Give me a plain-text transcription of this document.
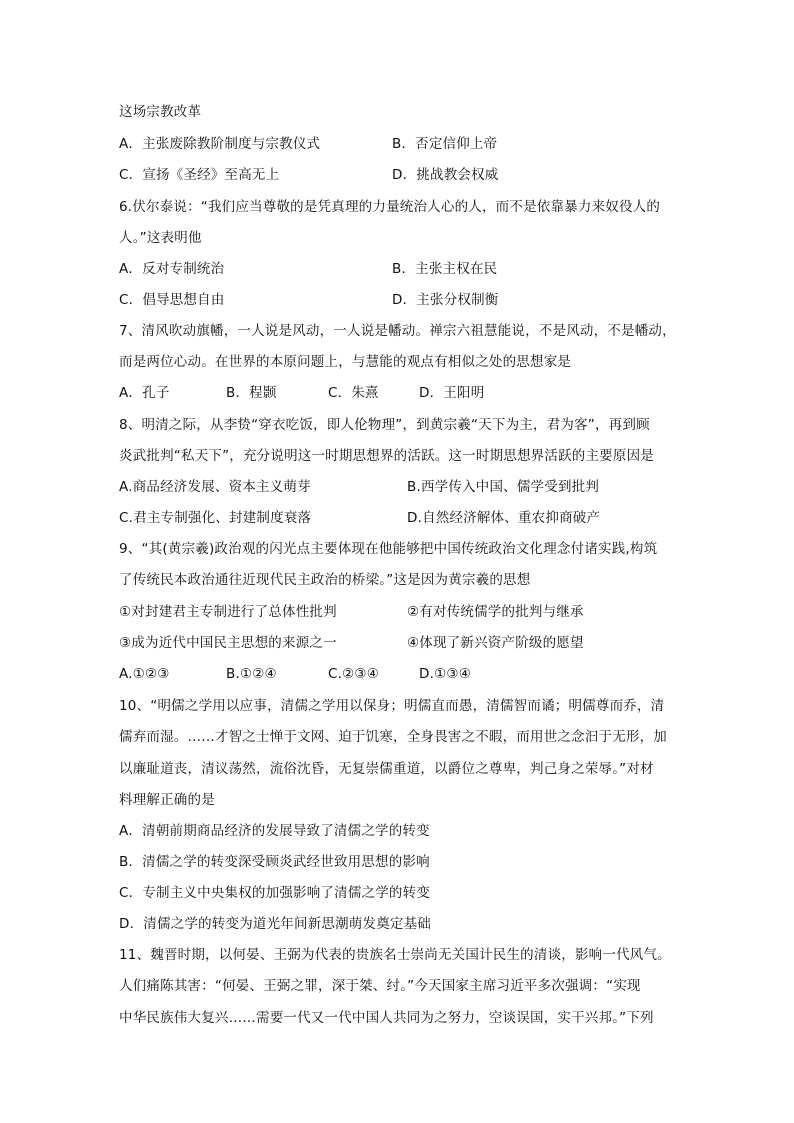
这场宗教改革
A．主张废除教阶制度与宗教仪式	B．否定信仰上帝
C．宣扬《圣经》至高无上	D．挑战教会权威
6.伏尔泰说：“我们应当尊敬的是凭真理的力量统治人心的人，而不是依靠暴力来奴役人的
人。”这表明他
A．反对专制统治	B．主张主权在民
C．倡导思想自由	D．主张分权制衡
7、清风吹动旗幡，一人说是风动，一人说是幡动。禅宗六祖慧能说，不是风动，不是幡动，
而是两位心动。在世界的本原问题上，与慧能的观点有相似之处的思想家是
A．孔子	B．程颢	C．朱熹	D．王阳明
8、明清之际，从李贽“穿衣吃饭，即人伦物理”，到黄宗羲“天下为主，君为客”，再到顾
炎武批判“私天下”，充分说明这一时期思想界的活跃。这一时期思想界活跃的主要原因是
A.商品经济发展、资本主义萌芽	B.西学传入中国、儒学受到批判
C.君主专制强化、封建制度衰落	D.自然经济解体、重农抑商破产
9、“其(黄宗羲)政治观的闪光点主要体现在他能够把中国传统政治文化理念付诸实践,构筑
了传统民本政治通往近现代民主政治的桥梁。”这是因为黄宗羲的思想
①对封建君主专制进行了总体性批判	②有对传统儒学的批判与继承
③成为近代中国民主思想的来源之一	④体现了新兴资产阶级的愿望
A.①②③	B.①②④	C.②③④	D.①③④
10、“明儒之学用以应事，清儒之学用以保身；明儒直而愚，清儒智而谲；明儒尊而乔，清
儒弃而湿。……才智之士惮于文网、迫于饥寒，全身畏害之不暇，而用世之念汩于无形，加
以廉耻道丧，清议荡然，流俗沈昏，无复崇儒重道，以爵位之尊卑，判己身之荣辱。”对材
料理解正确的是
A．清朝前期商品经济的发展导致了清儒之学的转变
B．清儒之学的转变深受顾炎武经世致用思想的影响
C．专制主义中央集权的加强影响了清儒之学的转变
D．清儒之学的转变为道光年间新思潮萌发奠定基础
11、魏晋时期，以何晏、王弼为代表的贵族名士崇尚无关国计民生的清谈，影响一代风气。
人们痛陈其害：“何晏、王弼之罪，深于桀、纣。”今天国家主席习近平多次强调：“实现
中华民族伟大复兴……需要一代又一代中国人共同为之努力，空谈误国，实干兴邦。”下列
